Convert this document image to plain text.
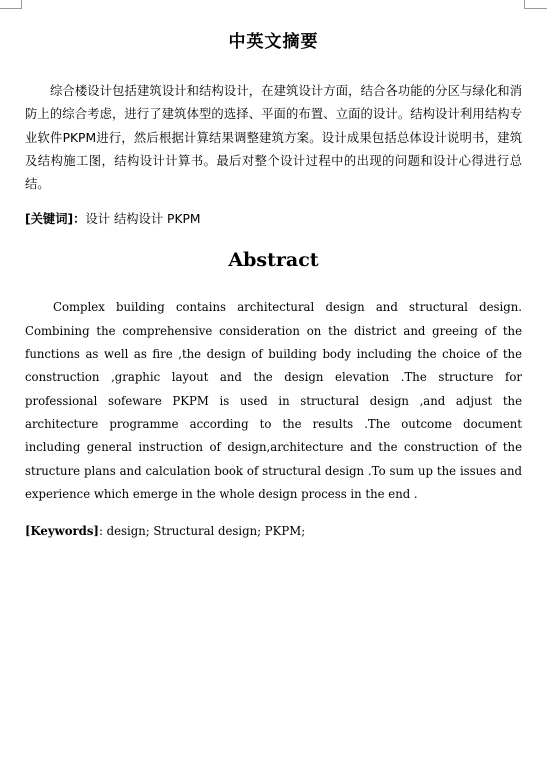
中英文摘要

综合楼设计包括建筑设计和结构设计，在建筑设计方面，结合各功能的分区与绿化和消防上的综合考虑，进行了建筑体型的选择、平面的布置、立面的设计。结构设计利用结构专业软件PKPM进行，然后根据计算结果调整建筑方案。设计成果包括总体设计说明书，建筑及结构施工图，结构设计计算书。最后对整个设计过程中的出现的问题和设计心得进行总结。

[关键词]：设计 结构设计 PKPM

Abstract

Complex building contains architectural design and structural design. Combining the comprehensive consideration on the district and greeing of the functions as well as fire ,the design of building body including the choice of the construction ,graphic layout and the design elevation .The structure for professional sofeware PKPM is used in structural design ,and adjust the architecture programme according to the results .The outcome document including general instruction of design,architecture and the construction of the structure plans and calculation book of structural design .To sum up the issues and experience which emerge in the whole design process in the end .

[Keywords]: design; Structural design; PKPM;
